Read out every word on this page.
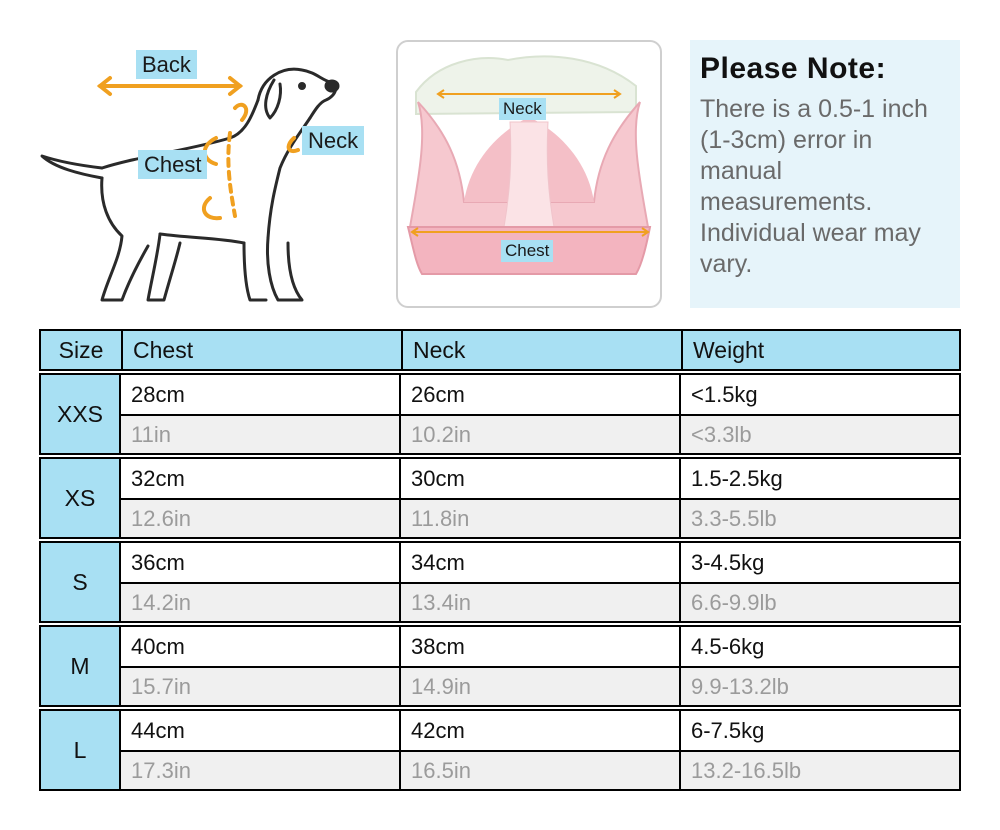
Back
Chest
Neck
Neck
Chest

Please Note:

There is a 0.5-1 inch (1-3cm) error in manual measurements. Individual wear may vary.

Size	Chest	Neck	Weight
XXS
28cm	26cm	<1.5kg
11in	10.2in	<3.3lb
XS
32cm	30cm	1.5-2.5kg
12.6in	11.8in	3.3-5.5lb
S
36cm	34cm	3-4.5kg
14.2in	13.4in	6.6-9.9lb
M
40cm	38cm	4.5-6kg
15.7in	14.9in	9.9-13.2lb
L
44cm	42cm	6-7.5kg
17.3in	16.5in	13.2-16.5lb
